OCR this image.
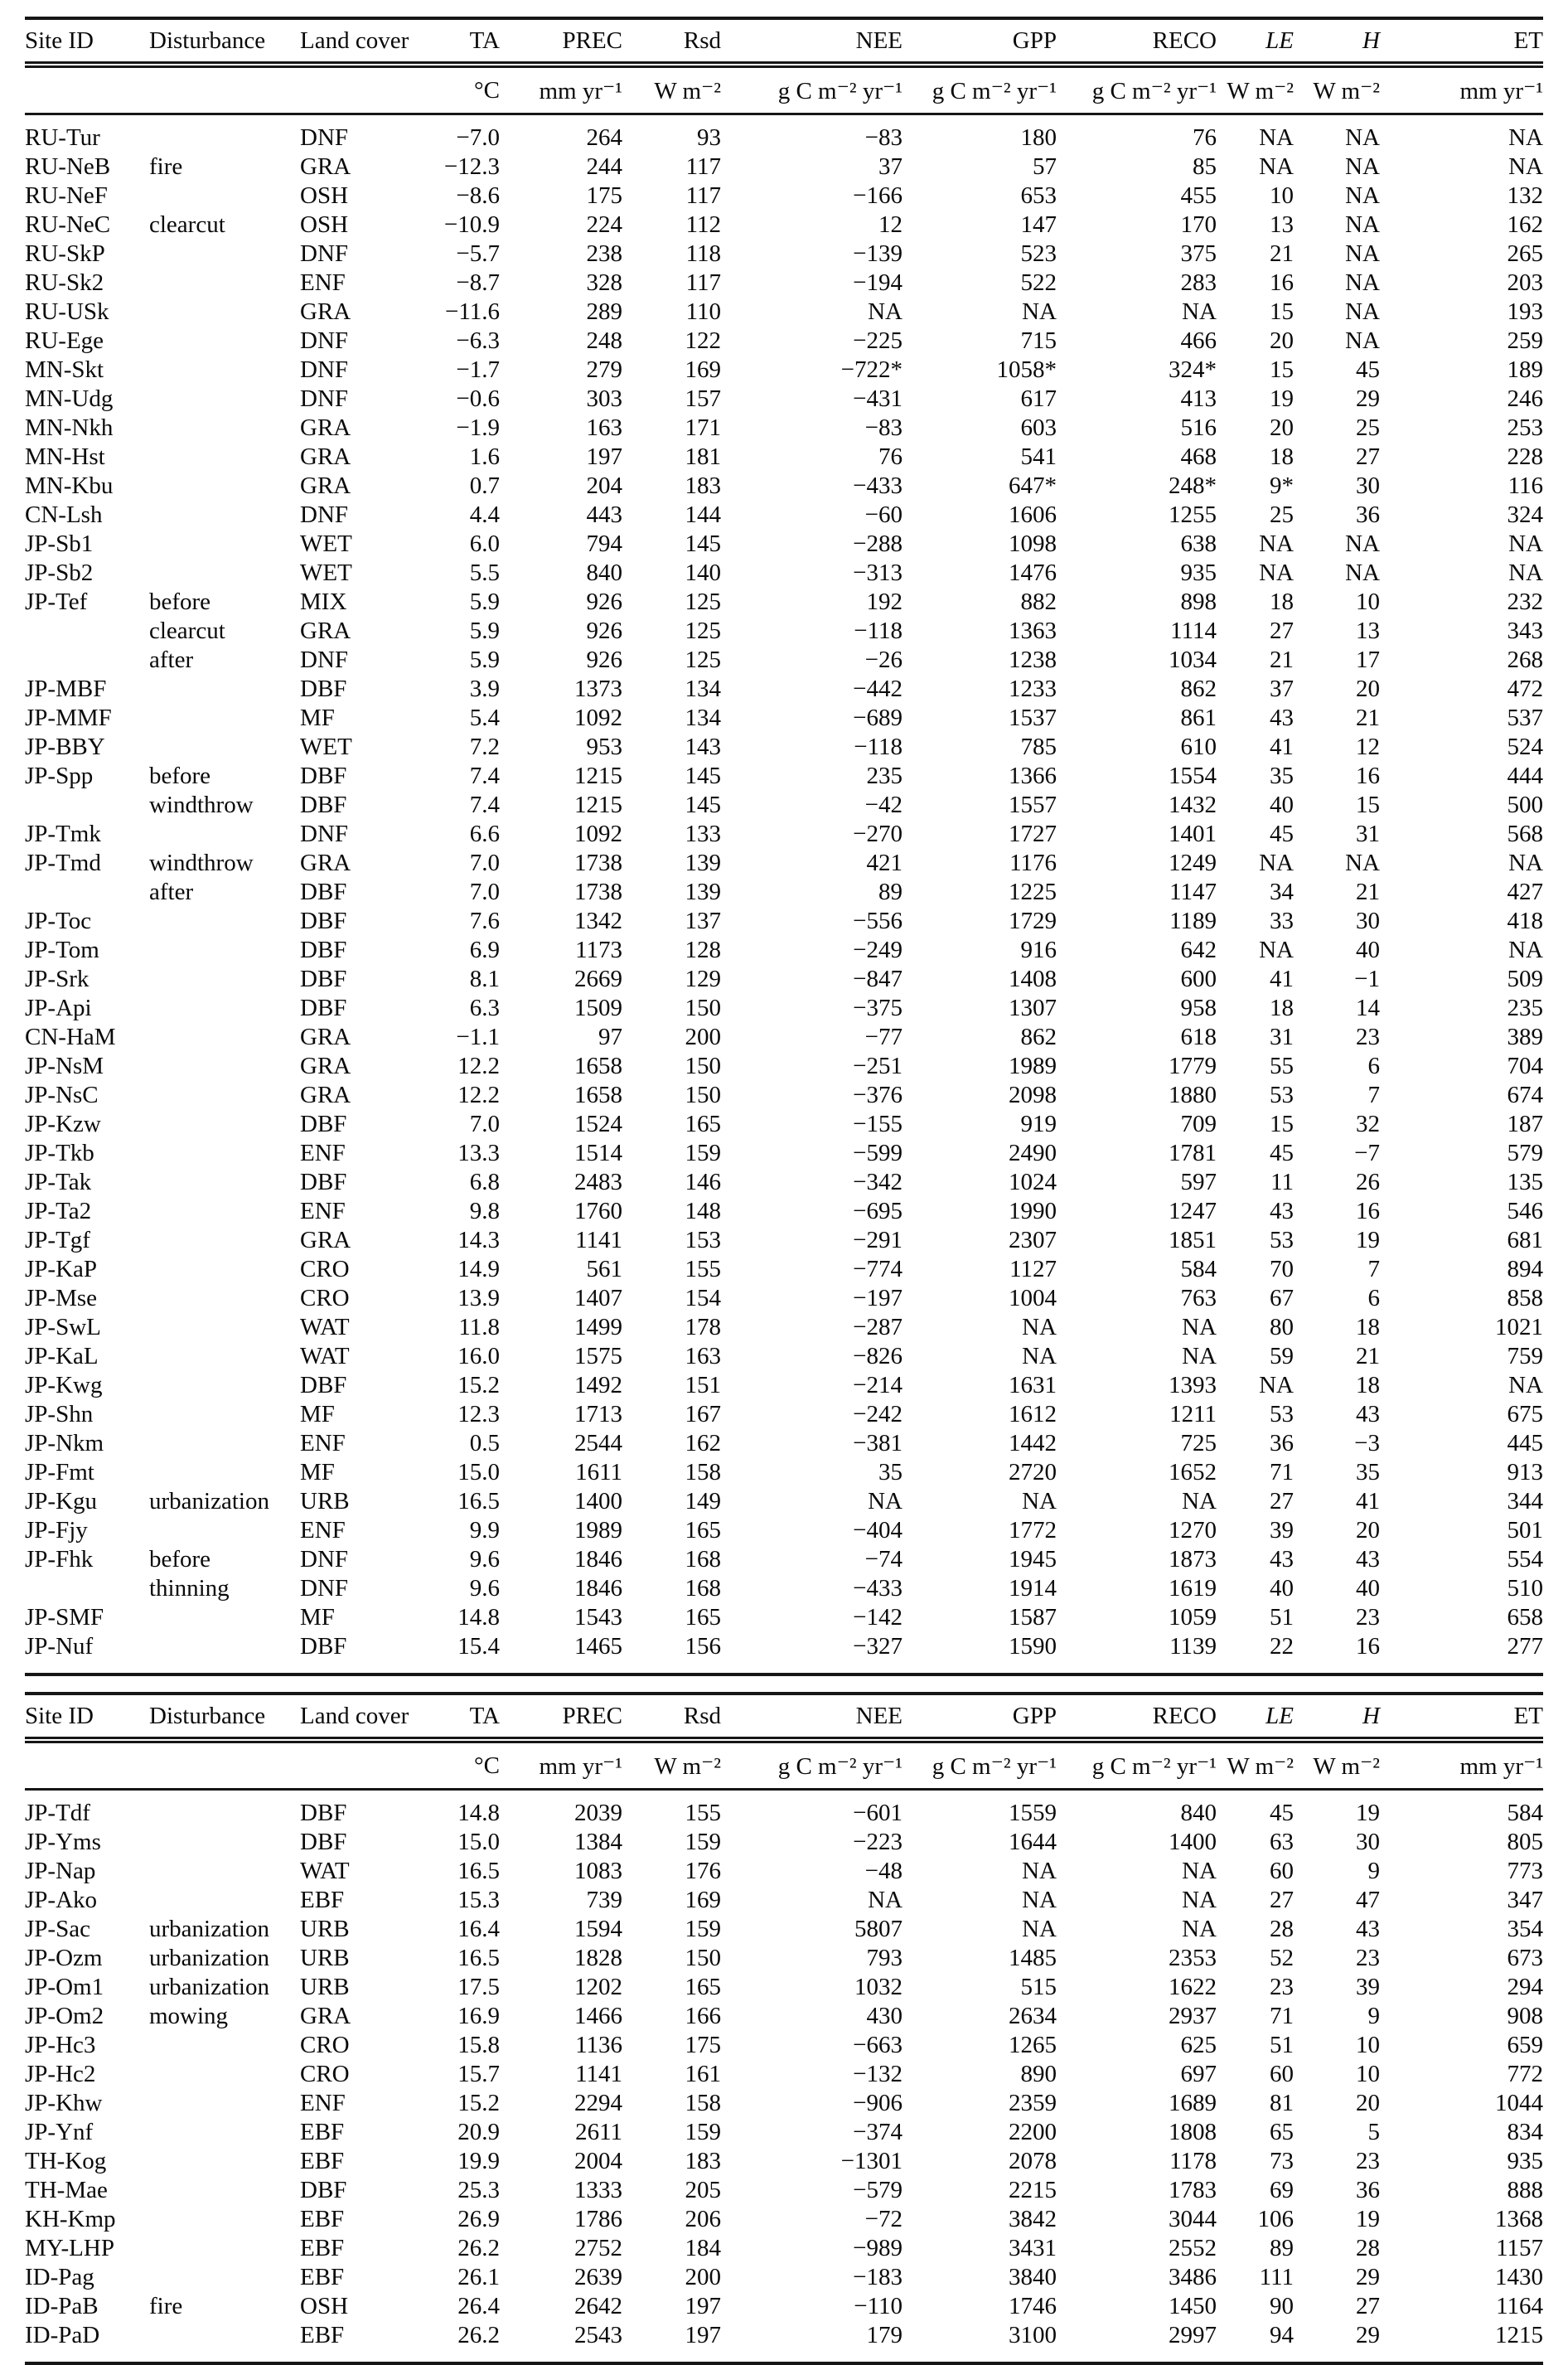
Site ID	Disturbance	Land cover	TA	PREC	Rsd	NEE	GPP	RECO	LE	H	ET
			°C	mm yr⁻¹	W m⁻²	g C m⁻² yr⁻¹	g C m⁻² yr⁻¹	g C m⁻² yr⁻¹	W m⁻²	W m⁻²	mm yr⁻¹
RU-Tur		DNF	−7.0	264	93	−83	180	76	NA	NA	NA
RU-NeB	fire	GRA	−12.3	244	117	37	57	85	NA	NA	NA
RU-NeF		OSH	−8.6	175	117	−166	653	455	10	NA	132
RU-NeC	clearcut	OSH	−10.9	224	112	12	147	170	13	NA	162
RU-SkP		DNF	−5.7	238	118	−139	523	375	21	NA	265
RU-Sk2		ENF	−8.7	328	117	−194	522	283	16	NA	203
RU-USk		GRA	−11.6	289	110	NA	NA	NA	15	NA	193
RU-Ege		DNF	−6.3	248	122	−225	715	466	20	NA	259
MN-Skt		DNF	−1.7	279	169	−722*	1058*	324*	15	45	189
MN-Udg		DNF	−0.6	303	157	−431	617	413	19	29	246
MN-Nkh		GRA	−1.9	163	171	−83	603	516	20	25	253
MN-Hst		GRA	1.6	197	181	76	541	468	18	27	228
MN-Kbu		GRA	0.7	204	183	−433	647*	248*	9*	30	116
CN-Lsh		DNF	4.4	443	144	−60	1606	1255	25	36	324
JP-Sb1		WET	6.0	794	145	−288	1098	638	NA	NA	NA
JP-Sb2		WET	5.5	840	140	−313	1476	935	NA	NA	NA
JP-Tef	before	MIX	5.9	926	125	192	882	898	18	10	232
	clearcut	GRA	5.9	926	125	−118	1363	1114	27	13	343
	after	DNF	5.9	926	125	−26	1238	1034	21	17	268
JP-MBF		DBF	3.9	1373	134	−442	1233	862	37	20	472
JP-MMF		MF	5.4	1092	134	−689	1537	861	43	21	537
JP-BBY		WET	7.2	953	143	−118	785	610	41	12	524
JP-Spp	before	DBF	7.4	1215	145	235	1366	1554	35	16	444
	windthrow	DBF	7.4	1215	145	−42	1557	1432	40	15	500
JP-Tmk		DNF	6.6	1092	133	−270	1727	1401	45	31	568
JP-Tmd	windthrow	GRA	7.0	1738	139	421	1176	1249	NA	NA	NA
	after	DBF	7.0	1738	139	89	1225	1147	34	21	427
JP-Toc		DBF	7.6	1342	137	−556	1729	1189	33	30	418
JP-Tom		DBF	6.9	1173	128	−249	916	642	NA	40	NA
JP-Srk		DBF	8.1	2669	129	−847	1408	600	41	−1	509
JP-Api		DBF	6.3	1509	150	−375	1307	958	18	14	235
CN-HaM		GRA	−1.1	97	200	−77	862	618	31	23	389
JP-NsM		GRA	12.2	1658	150	−251	1989	1779	55	6	704
JP-NsC		GRA	12.2	1658	150	−376	2098	1880	53	7	674
JP-Kzw		DBF	7.0	1524	165	−155	919	709	15	32	187
JP-Tkb		ENF	13.3	1514	159	−599	2490	1781	45	−7	579
JP-Tak		DBF	6.8	2483	146	−342	1024	597	11	26	135
JP-Ta2		ENF	9.8	1760	148	−695	1990	1247	43	16	546
JP-Tgf		GRA	14.3	1141	153	−291	2307	1851	53	19	681
JP-KaP		CRO	14.9	561	155	−774	1127	584	70	7	894
JP-Mse		CRO	13.9	1407	154	−197	1004	763	67	6	858
JP-SwL		WAT	11.8	1499	178	−287	NA	NA	80	18	1021
JP-KaL		WAT	16.0	1575	163	−826	NA	NA	59	21	759
JP-Kwg		DBF	15.2	1492	151	−214	1631	1393	NA	18	NA
JP-Shn		MF	12.3	1713	167	−242	1612	1211	53	43	675
JP-Nkm		ENF	0.5	2544	162	−381	1442	725	36	−3	445
JP-Fmt		MF	15.0	1611	158	35	2720	1652	71	35	913
JP-Kgu	urbanization	URB	16.5	1400	149	NA	NA	NA	27	41	344
JP-Fjy		ENF	9.9	1989	165	−404	1772	1270	39	20	501
JP-Fhk	before	DNF	9.6	1846	168	−74	1945	1873	43	43	554
	thinning	DNF	9.6	1846	168	−433	1914	1619	40	40	510
JP-SMF		MF	14.8	1543	165	−142	1587	1059	51	23	658
JP-Nuf		DBF	15.4	1465	156	−327	1590	1139	22	16	277
Site ID	Disturbance	Land cover	TA	PREC	Rsd	NEE	GPP	RECO	LE	H	ET
			°C	mm yr⁻¹	W m⁻²	g C m⁻² yr⁻¹	g C m⁻² yr⁻¹	g C m⁻² yr⁻¹	W m⁻²	W m⁻²	mm yr⁻¹
JP-Tdf		DBF	14.8	2039	155	−601	1559	840	45	19	584
JP-Yms		DBF	15.0	1384	159	−223	1644	1400	63	30	805
JP-Nap		WAT	16.5	1083	176	−48	NA	NA	60	9	773
JP-Ako		EBF	15.3	739	169	NA	NA	NA	27	47	347
JP-Sac	urbanization	URB	16.4	1594	159	5807	NA	NA	28	43	354
JP-Ozm	urbanization	URB	16.5	1828	150	793	1485	2353	52	23	673
JP-Om1	urbanization	URB	17.5	1202	165	1032	515	1622	23	39	294
JP-Om2	mowing	GRA	16.9	1466	166	430	2634	2937	71	9	908
JP-Hc3		CRO	15.8	1136	175	−663	1265	625	51	10	659
JP-Hc2		CRO	15.7	1141	161	−132	890	697	60	10	772
JP-Khw		ENF	15.2	2294	158	−906	2359	1689	81	20	1044
JP-Ynf		EBF	20.9	2611	159	−374	2200	1808	65	5	834
TH-Kog		EBF	19.9	2004	183	−1301	2078	1178	73	23	935
TH-Mae		DBF	25.3	1333	205	−579	2215	1783	69	36	888
KH-Kmp		EBF	26.9	1786	206	−72	3842	3044	106	19	1368
MY-LHP		EBF	26.2	2752	184	−989	3431	2552	89	28	1157
ID-Pag		EBF	26.1	2639	200	−183	3840	3486	111	29	1430
ID-PaB	fire	OSH	26.4	2642	197	−110	1746	1450	90	27	1164
ID-PaD		EBF	26.2	2543	197	179	3100	2997	94	29	1215
